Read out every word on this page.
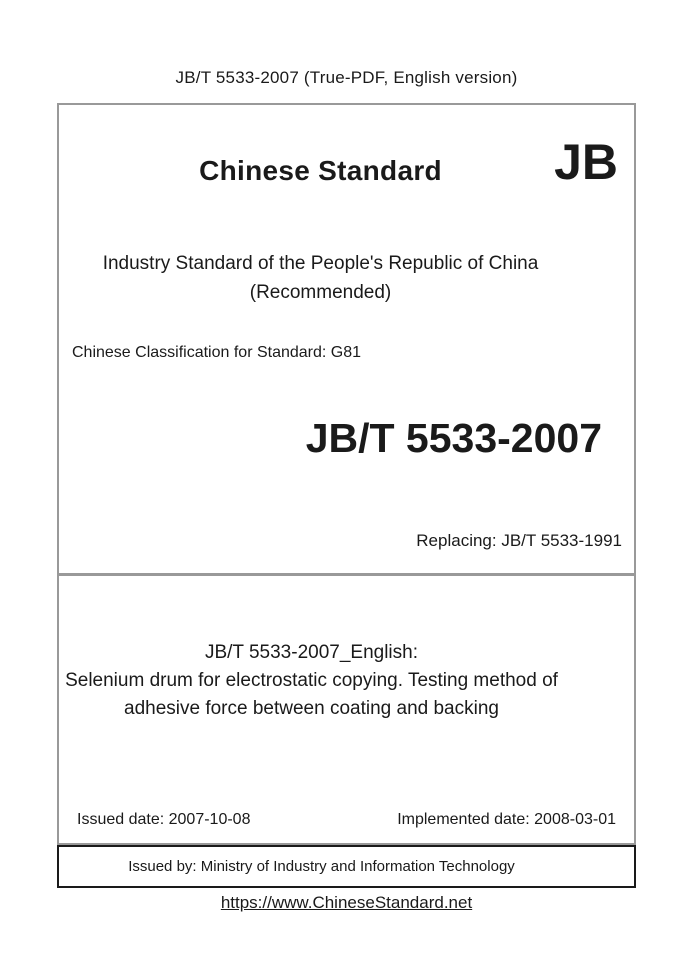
JB/T 5533-2007 (True-PDF, English version)
Chinese Standard	JB
Industry Standard of the People's Republic of China
(Recommended)
Chinese Classification for Standard: G81
JB/T 5533-2007
Replacing: JB/T 5533-1991
JB/T 5533-2007_English:
Selenium drum for electrostatic copying. Testing method of
adhesive force between coating and backing
Issued date: 2007-10-08	Implemented date: 2008-03-01
Issued by: Ministry of Industry and Information Technology
https://www.ChineseStandard.net
